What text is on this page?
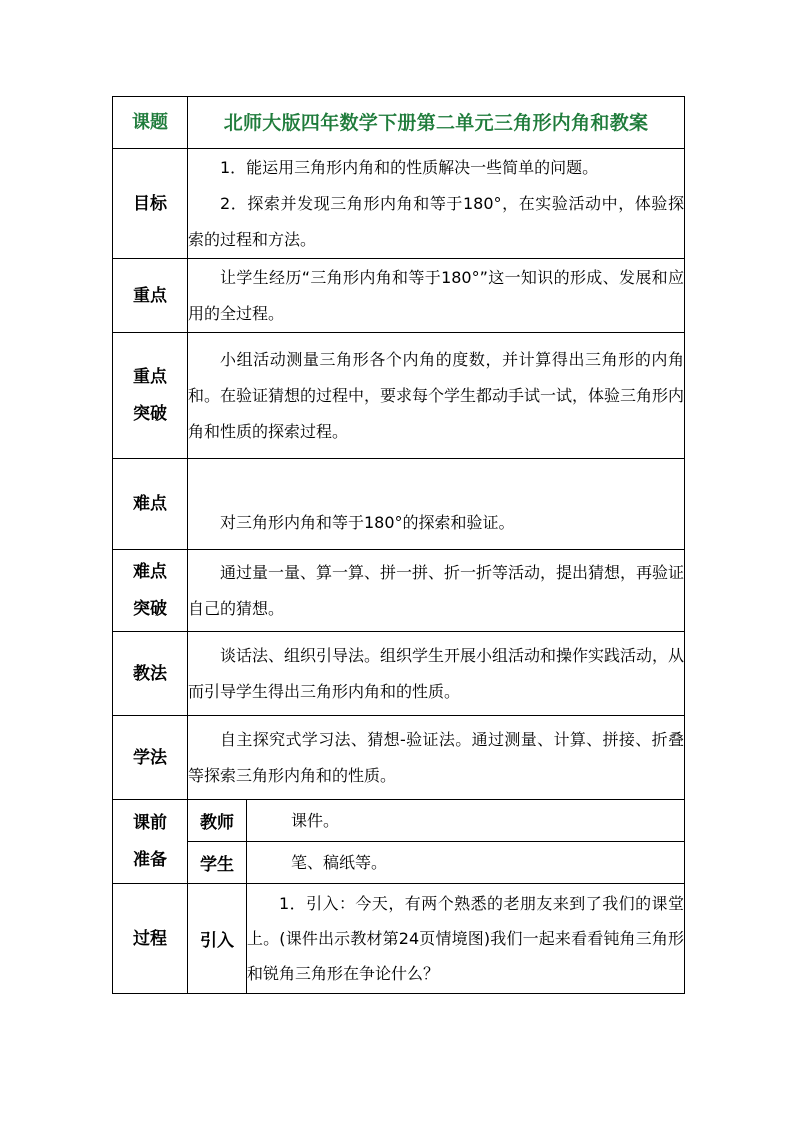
课题	北师大版四年数学下册第二单元三角形内角和教案	
目标	1．能运用三角形内角和的性质解决一些简单的问题。

2．探索并发现三角形内角和等于180°，在实验活动中，体验探索的过程和方法。	

重点	让学生经历“三角形内角和等于180°”这一知识的形成、发展和应用的全过程。	

重点
突破	小组活动测量三角形各个内角的度数，并计算得出三角形的内角和。在验证猜想的过程中，要求每个学生都动手试一试，体验三角形内角和性质的探索过程。	

难点	对三角形内角和等于180°的探索和验证。	

难点
突破	通过量一量、算一算、拼一拼、折一折等活动，提出猜想，再验证自己的猜想。	

教法	谈话法、组织引导法。组织学生开展小组活动和操作实践活动，从而引导学生得出三角形内角和的性质。	

学法	自主探究式学习法、猜想-验证法。通过测量、计算、拼接、折叠等探索三角形内角和的性质。	

课前
准备	教师	课件。
	学生	笔、稿纸等。
过程	引入	1．引入：今天，有两个熟悉的老朋友来到了我们的课堂上。(课件出示教材第24页情境图)我们一起来看看钝角三角形和锐角三角形在争论什么？
